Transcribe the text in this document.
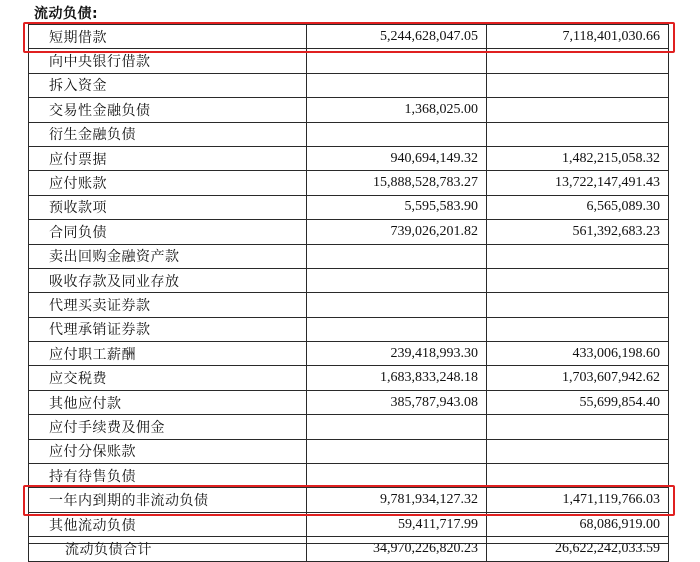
流动负债:
短期借款	5,244,628,047.05	7,118,401,030.66
向中央银行借款		
拆入资金		
交易性金融负债	1,368,025.00	
衍生金融负债		
应付票据	940,694,149.32	1,482,215,058.32
应付账款	15,888,528,783.27	13,722,147,491.43
预收款项	5,595,583.90	6,565,089.30
合同负债	739,026,201.82	561,392,683.23
卖出回购金融资产款		
吸收存款及同业存放		
代理买卖证券款		
代理承销证券款		
应付职工薪酬	239,418,993.30	433,006,198.60
应交税费	1,683,833,248.18	1,703,607,942.62
其他应付款	385,787,943.08	55,699,854.40
应付手续费及佣金		
应付分保账款		
持有待售负债		
一年内到期的非流动负债	9,781,934,127.32	1,471,119,766.03
其他流动负债	59,411,717.99	68,086,919.00
流动负债合计	34,970,226,820.23	26,622,242,033.59
